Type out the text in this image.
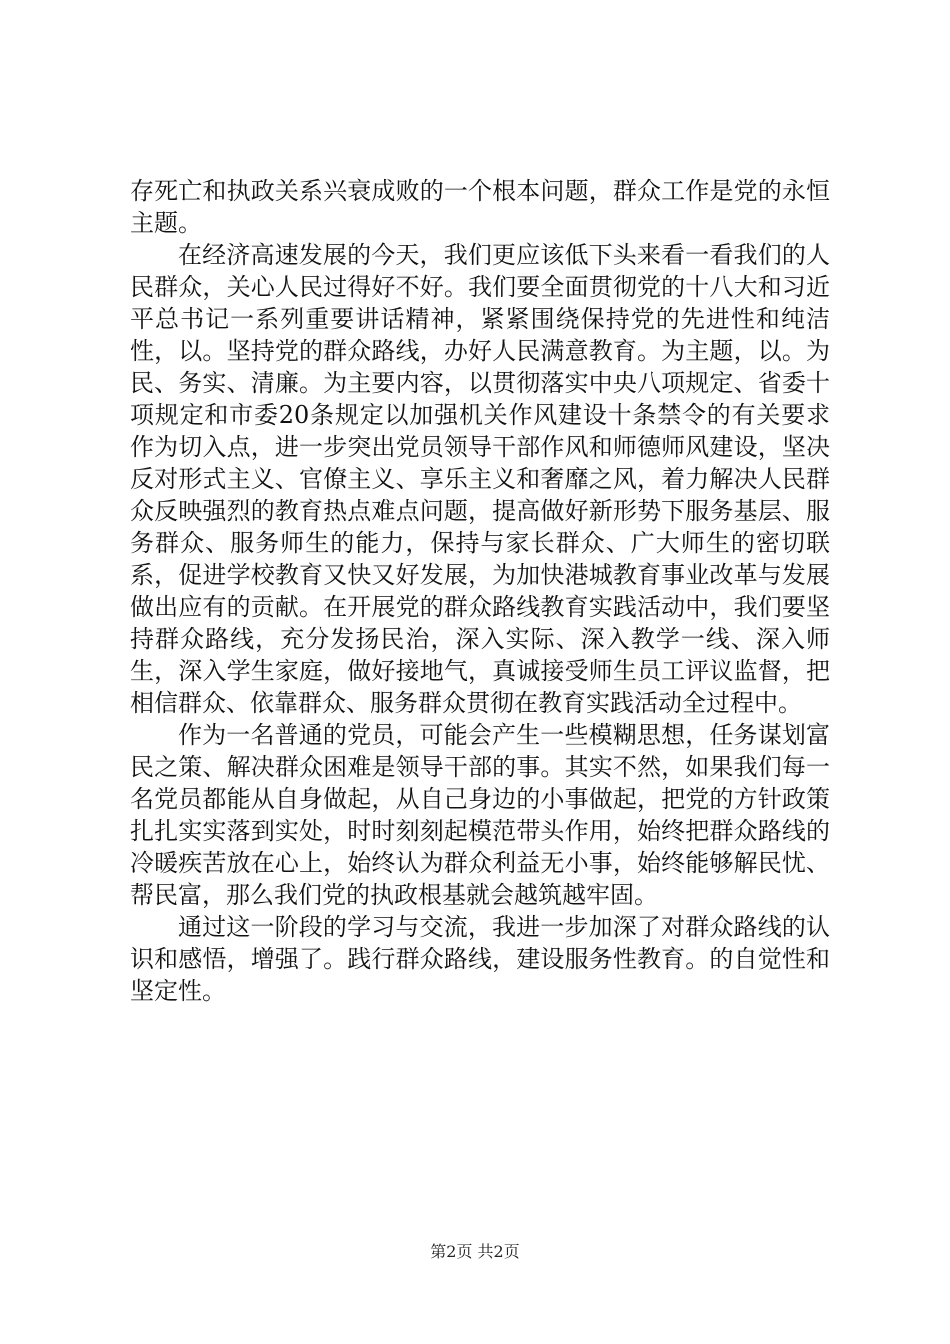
存死亡和执政关系兴衰成败的一个根本问题，群众工作是党的永恒主题。

在经济高速发展的今天，我们更应该低下头来看一看我们的人民群众，关心人民过得好不好。我们要全面贯彻党的十八大和习近平总书记一系列重要讲话精神，紧紧围绕保持党的先进性和纯洁性，以。坚持党的群众路线，办好人民满意教育。为主题，以。为民、务实、清廉。为主要内容，以贯彻落实中央八项规定、省委十项规定和市委20条规定以加强机关作风建设十条禁令的有关要求作为切入点，进一步突出党员领导干部作风和师德师风建设，坚决反对形式主义、官僚主义、享乐主义和奢靡之风，着力解决人民群众反映强烈的教育热点难点问题，提高做好新形势下服务基层、服务群众、服务师生的能力，保持与家长群众、广大师生的密切联系，促进学校教育又快又好发展，为加快港城教育事业改革与发展做出应有的贡献。在开展党的群众路线教育实践活动中，我们要坚持群众路线，充分发扬民治，深入实际、深入教学一线、深入师生，深入学生家庭，做好接地气，真诚接受师生员工评议监督，把相信群众、依靠群众、服务群众贯彻在教育实践活动全过程中。

作为一名普通的党员，可能会产生一些模糊思想，任务谋划富民之策、解决群众困难是领导干部的事。其实不然，如果我们每一名党员都能从自身做起，从自己身边的小事做起，把党的方针政策扎扎实实落到实处，时时刻刻起模范带头作用，始终把群众路线的冷暖疾苦放在心上，始终认为群众利益无小事，始终能够解民忧、帮民富，那么我们党的执政根基就会越筑越牢固。

通过这一阶段的学习与交流，我进一步加深了对群众路线的认识和感悟，增强了。践行群众路线，建设服务性教育。的自觉性和坚定性。

第2页 共2页
